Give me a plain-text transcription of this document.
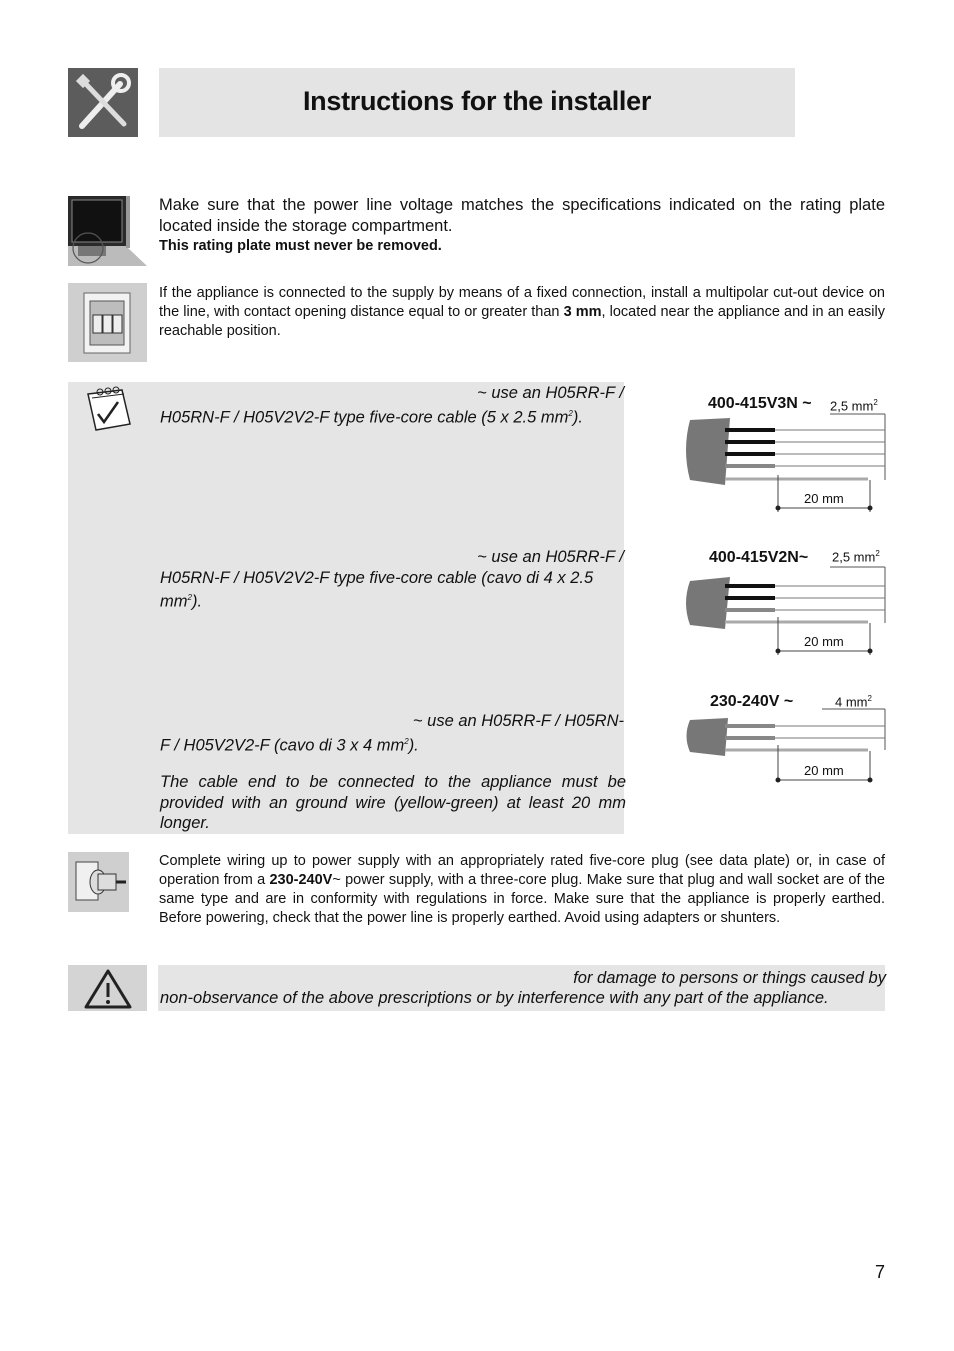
Instructions for the installer
Make sure that the power line voltage matches the specifications indicated on the rating plate located inside the storage compartment.
This rating plate must never be removed.
If the appliance is connected to the supply by means of a fixed connection, install a multipolar cut-out device on the line, with contact opening distance equal to or greater than 3 mm, located near the appliance and in an easily reachable position.
~ use an H05RR-F /
H05RN-F / H05V2V2-F type five-core cable (5 x 2.5 $mm^2$).
~ use an H05RR-F /
H05RN-F / H05V2V2-F type five-core cable (cavo di 4 x 2.5
$mm^2$).
~ use an H05RR-F / H05RN-
F / H05V2V2-F (cavo di 3 x 4 $mm^2$).
The cable end to be connected to the appliance must be provided with an ground wire (yellow-green) at least 20 mm longer.
400-415V3N ~ 2,5 $mm^2$
20 mm
400-415V2N~ 2,5 $mm^2$
20 mm
230-240V ~	4 $mm^2$
20 mm
Complete wiring up to power supply with an appropriately rated five-core plug (see data plate) or, in case of operation from a 230-240V~ power supply, with a three-core plug. Make sure that plug and wall socket are of the same type and are in conformity with regulations in force. Make sure that the appliance is properly earthed. Before powering, check that the power line is properly earthed. Avoid using adapters or shunters.
for damage to persons or things caused by
non-observance of the above prescriptions or by interference with any part of the appliance.
7
